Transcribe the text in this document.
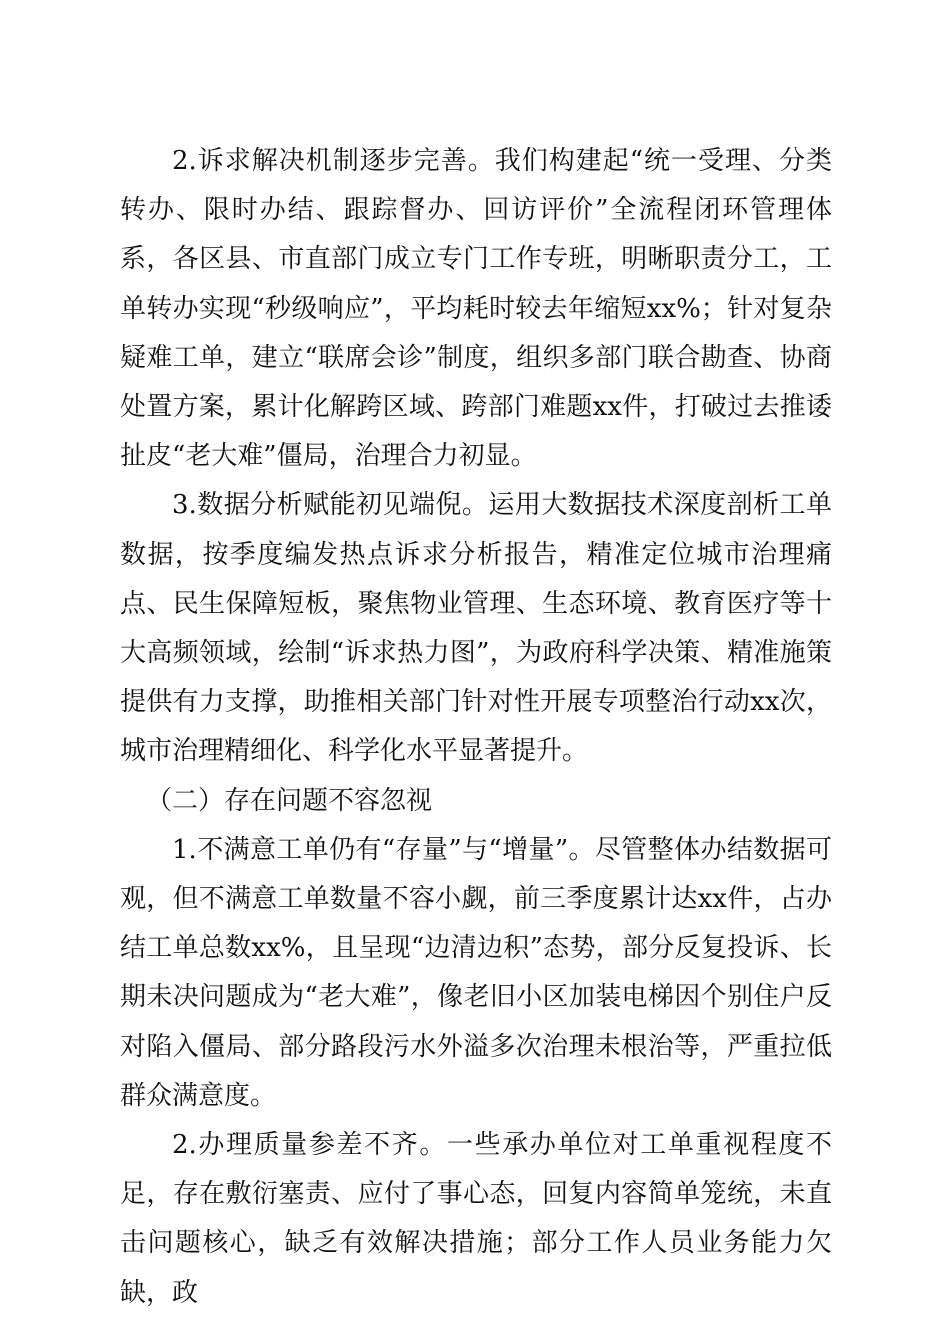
2.诉求解决机制逐步完善。我们构建起“统一受理、分类转办、限时办结、跟踪督办、回访评价”全流程闭环管理体系，各区县、市直部门成立专门工作专班，明晰职责分工，工单转办实现“秒级响应”，平均耗时较去年缩短xx%；针对复杂疑难工单，建立“联席会诊”制度，组织多部门联合勘查、协商处置方案，累计化解跨区域、跨部门难题xx件，打破过去推诿扯皮“老大难”僵局，治理合力初显。

3.数据分析赋能初见端倪。运用大数据技术深度剖析工单数据，按季度编发热点诉求分析报告，精准定位城市治理痛点、民生保障短板，聚焦物业管理、生态环境、教育医疗等十大高频领域，绘制“诉求热力图”，为政府科学决策、精准施策提供有力支撑，助推相关部门针对性开展专项整治行动xx次，城市治理精细化、科学化水平显著提升。

（二）存在问题不容忽视

1.不满意工单仍有“存量”与“增量”。尽管整体办结数据可观，但不满意工单数量不容小觑，前三季度累计达xx件，占办结工单总数xx%，且呈现“边清边积”态势，部分反复投诉、长期未决问题成为“老大难”，像老旧小区加装电梯因个别住户反对陷入僵局、部分路段污水外溢多次治理未根治等，严重拉低群众满意度。

2.办理质量参差不齐。一些承办单位对工单重视程度不足，存在敷衍塞责、应付了事心态，回复内容简单笼统，未直击问题核心，缺乏有效解决措施；部分工作人员业务能力欠缺，政
